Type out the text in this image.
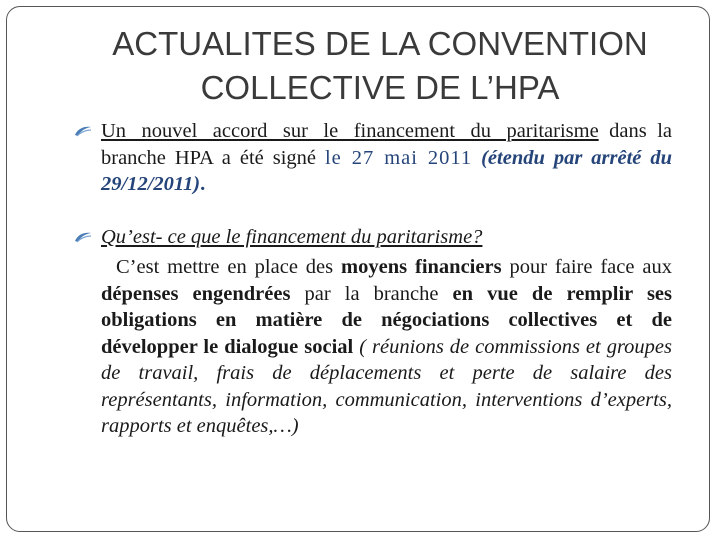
ACTUALITES DE LA CONVENTION
COLLECTIVE DE L’HPA
Un nouvel accord sur le financement du paritarisme dans la branche HPA a été signé le 27 mai 2011 (étendu par arrêté du 29/12/2011).
Qu’est- ce que le financement du paritarisme?
C’est mettre en place des moyens financiers pour faire face aux dépenses engendrées par la branche en vue de remplir ses obligations en matière de négociations collectives et de développer le dialogue social ( réunions de commissions et groupes de travail, frais de déplacements et perte de salaire des représentants, information, communication, interventions d’experts, rapports et enquêtes,…)
